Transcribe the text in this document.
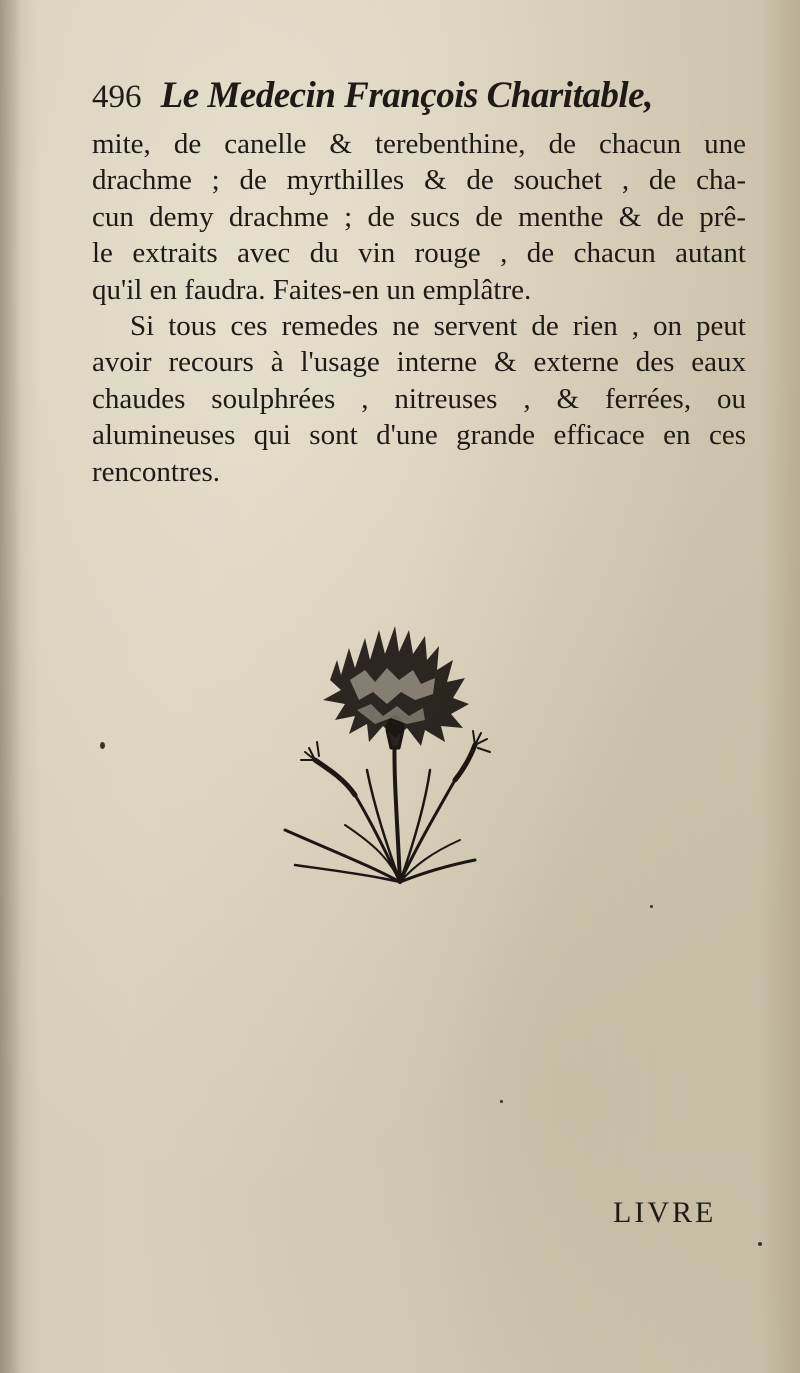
496 Le Medecin François Charitable,
mite, de canelle & terebenthine, de chacun une
drachme ; de myrthilles & de souchet , de cha-
cun demy drachme ; de sucs de menthe & de prê-
le extraits avec du vin rouge , de chacun autant
qu'il en faudra. Faites-en un emplâtre.
Si tous ces remedes ne servent de rien , on peut
avoir recours à l'usage interne & externe des eaux
chaudes soulphrées , nitreuses , & ferrées, ou
alumineuses qui sont d'une grande efficace en ces
rencontres.
LIVRE
